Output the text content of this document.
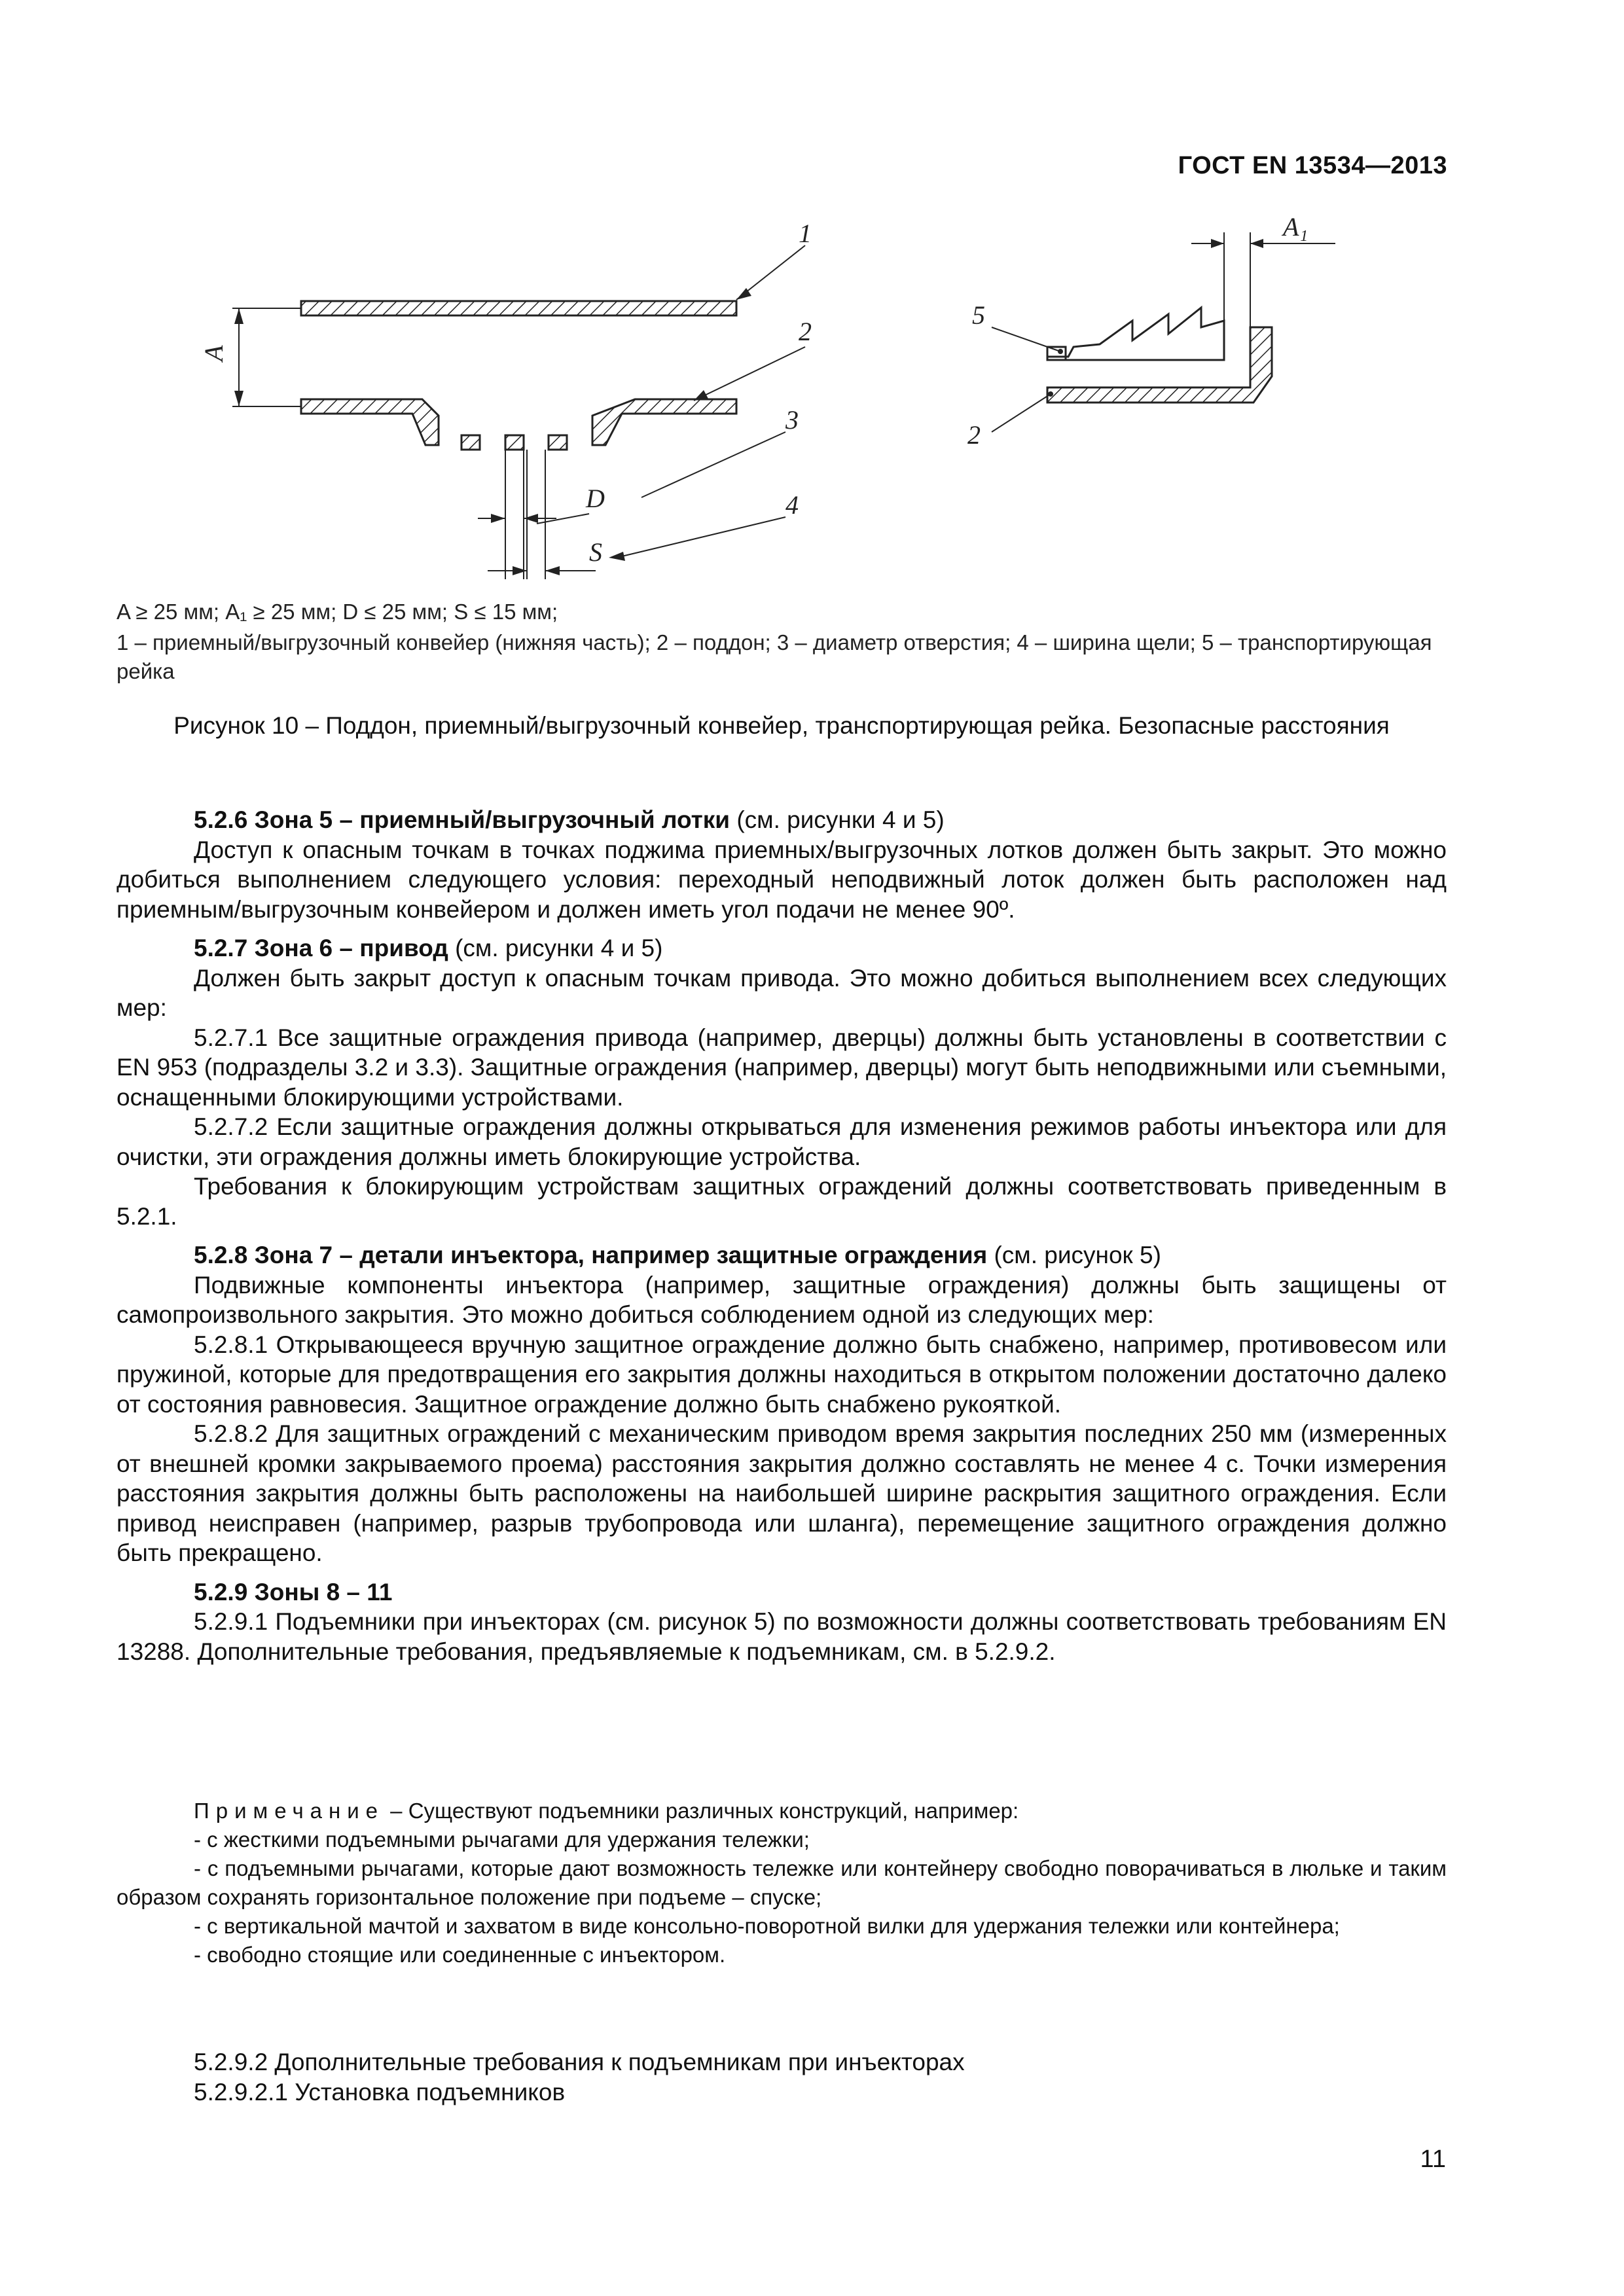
ГОСТ EN 13534—2013
A
1
2
3
4
D
S
A₁
5
2
A ≥ 25 мм; A₁ ≥ 25 мм; D ≤ 25 мм; S ≤ 15 мм;
1 – приемный/выгрузочный конвейер (нижняя часть); 2 – поддон; 3 – диаметр отверстия; 4 – ширина щели; 5 – транспортирующая рейка
Рисунок 10 – Поддон, приемный/выгрузочный конвейер, транспортирующая рейка. Безопасные расстояния

5.2.6 Зона 5 – приемный/выгрузочный лотки (см. рисунки 4 и 5)

Доступ к опасным точкам в точках поджима приемных/выгрузочных лотков должен быть закрыт. Это можно добиться выполнением следующего условия: переходный неподвижный лоток должен быть расположен над приемным/выгрузочным конвейером и должен иметь угол подачи не менее 90º.

5.2.7 Зона 6 – привод (см. рисунки 4 и 5)

Должен быть закрыт доступ к опасным точкам привода. Это можно добиться выполнением всех следующих мер:

5.2.7.1 Все защитные ограждения привода (например, дверцы) должны быть установлены в соответствии с EN 953 (подразделы 3.2 и 3.3). Защитные ограждения (например, дверцы) могут быть неподвижными или съемными, оснащенными блокирующими устройствами.

5.2.7.2 Если защитные ограждения должны открываться для изменения режимов работы инъектора или для очистки, эти ограждения должны иметь блокирующие устройства.

Требования к блокирующим устройствам защитных ограждений должны соответствовать приведенным в 5.2.1.

5.2.8 Зона 7 – детали инъектора, например защитные ограждения (см. рисунок 5)

Подвижные компоненты инъектора (например, защитные ограждения) должны быть защищены от самопроизвольного закрытия. Это можно добиться соблюдением одной из следующих мер:

5.2.8.1 Открывающееся вручную защитное ограждение должно быть снабжено, например, противовесом или пружиной, которые для предотвращения его закрытия должны находиться в открытом положении достаточно далеко от состояния равновесия. Защитное ограждение должно быть снабжено рукояткой.

5.2.8.2 Для защитных ограждений с механическим приводом время закрытия последних 250 мм (измеренных от внешней кромки закрываемого проема) расстояния закрытия должно составлять не менее 4 с. Точки измерения расстояния закрытия должны быть расположены на наибольшей ширине раскрытия защитного ограждения. Если привод неисправен (например, разрыв трубопровода или шланга), перемещение защитного ограждения должно быть прекращено.

5.2.9 Зоны 8 – 11

5.2.9.1 Подъемники при инъекторах (см. рисунок 5) по возможности должны соответствовать требованиям EN 13288. Дополнительные требования, предъявляемые к подъемникам, см. в 5.2.9.2.

Примечание – Существуют подъемники различных конструкций, например:

- с жесткими подъемными рычагами для удержания тележки;

- с подъемными рычагами, которые дают возможность тележке или контейнеру свободно поворачиваться в люльке и таким образом сохранять горизонтальное положение при подъеме – спуске;

- с вертикальной мачтой и захватом в виде консольно-поворотной вилки для удержания тележки или контейнера;

- свободно стоящие или соединенные с инъектором.

5.2.9.2 Дополнительные требования к подъемникам при инъекторах

5.2.9.2.1 Установка подъемников

11
